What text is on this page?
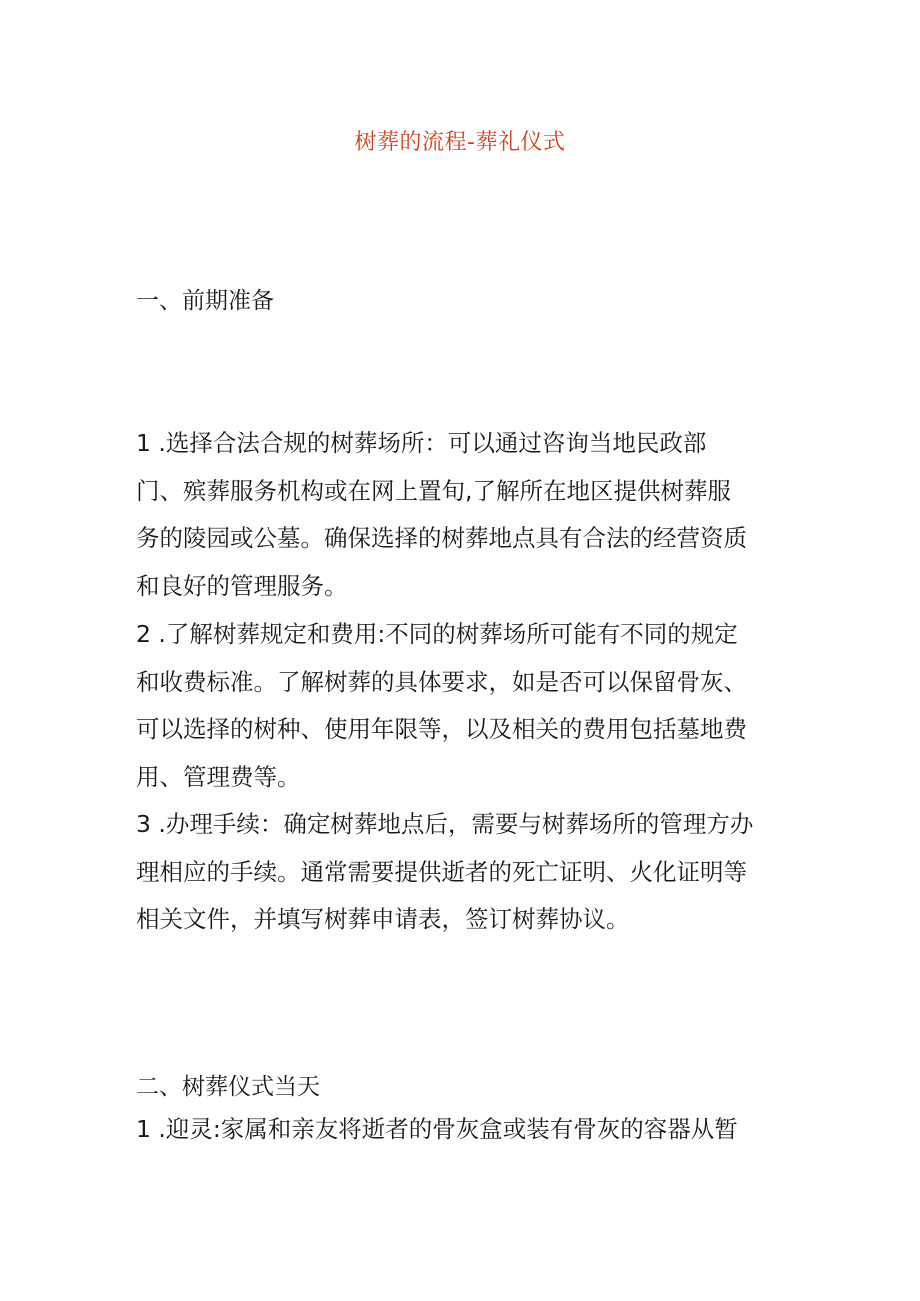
树葬的流程-葬礼仪式
一、前期准备
1 .选择合法合规的树葬场所：可以通过咨询当地民政部
门、殡葬服务机构或在网上置旬,了解所在地区提供树葬服
务的陵园或公墓。确保选择的树葬地点具有合法的经营资质
和良好的管理服务。
2 .了解树葬规定和费用:不同的树葬场所可能有不同的规定
和收费标准。了解树葬的具体要求，如是否可以保留骨灰、
可以选择的树种、使用年限等，以及相关的费用包括墓地费
用、管理费等。
3 .办理手续：确定树葬地点后，需要与树葬场所的管理方办
理相应的手续。通常需要提供逝者的死亡证明、火化证明等
相关文件，并填写树葬申请表，签订树葬协议。
二、树葬仪式当天
1 .迎灵:家属和亲友将逝者的骨灰盒或装有骨灰的容器从暂
